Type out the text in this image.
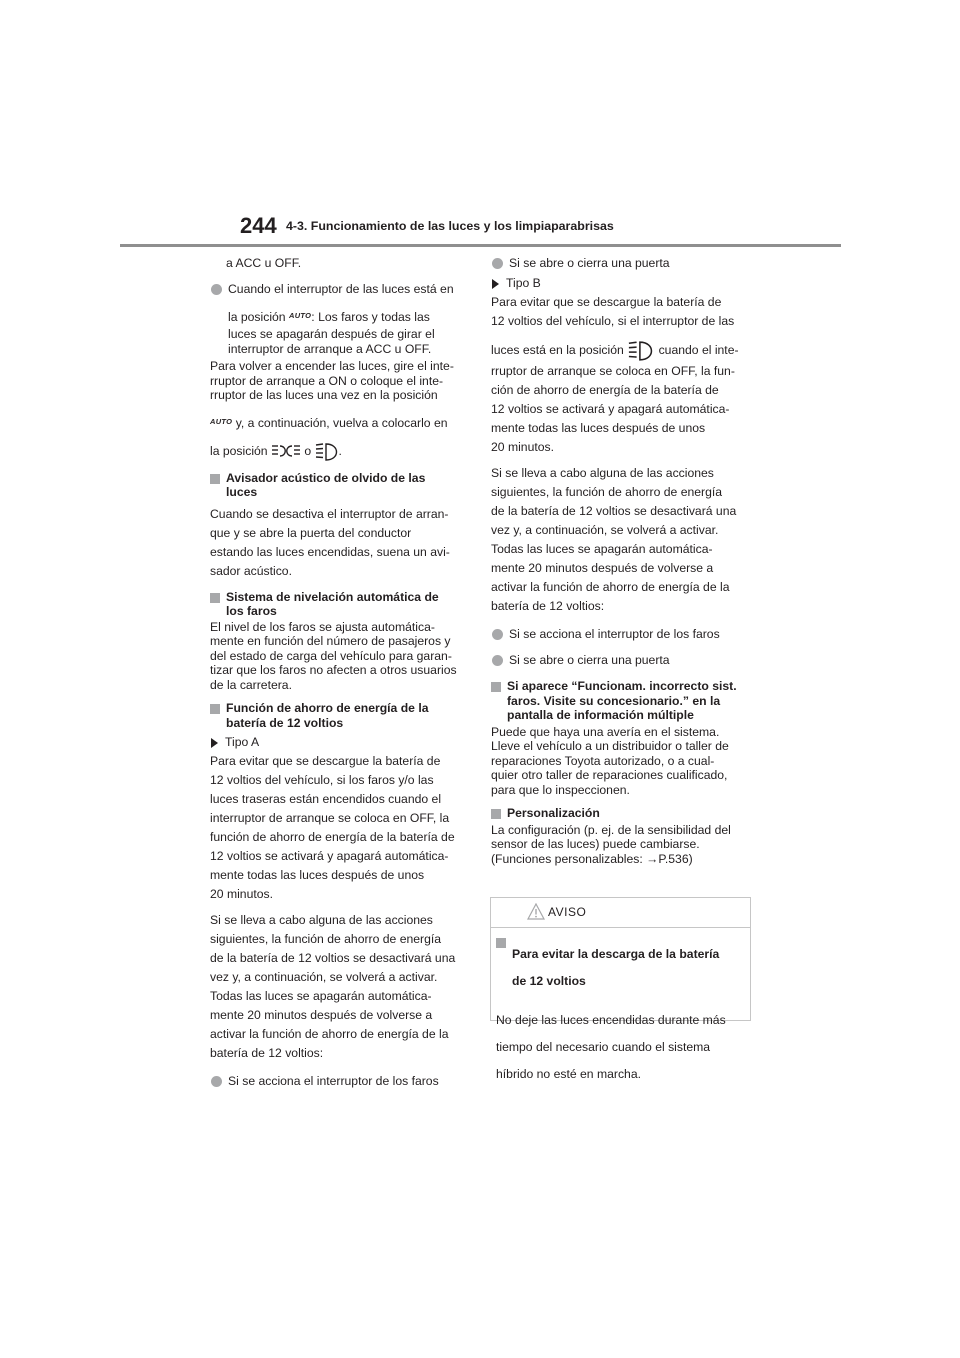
244 4-3. Funcionamiento de las luces y los limpiaparabrisas

a ACC u OFF.

Cuando el interruptor de las luces está en

la posición $^{AUTO}$: Los faros y todas las

luces se apagarán después de girar el

interruptor de arranque a ACC u OFF.

Para volver a encender las luces, gire el inte-

rruptor de arranque a ON o coloque el inte-

rruptor de las luces una vez en la posición

$^{AUTO}$ y, a continuación, vuelva a colocarlo en

la posición  o .

Avisador acústico de olvido de las

luces

Cuando se desactiva el interruptor de arran-

que y se abre la puerta del conductor

estando las luces encendidas, suena un avi-

sador acústico.

Sistema de nivelación automática de

los faros

El nivel de los faros se ajusta automática-

mente en función del número de pasajeros y

del estado de carga del vehículo para garan-

tizar que los faros no afecten a otros usuarios

de la carretera.

Función de ahorro de energía de la

batería de 12 voltios

Tipo A

Para evitar que se descargue la batería de

12 voltios del vehículo, si los faros y/o las

luces traseras están encendidos cuando el

interruptor de arranque se coloca en OFF, la

función de ahorro de energía de la batería de

12 voltios se activará y apagará automática-

mente todas las luces después de unos

20 minutos.

Si se lleva a cabo alguna de las acciones

siguientes, la función de ahorro de energía

de la batería de 12 voltios se desactivará una

vez y, a continuación, se volverá a activar.

Todas las luces se apagarán automática-

mente 20 minutos después de volverse a

activar la función de ahorro de energía de la

batería de 12 voltios:

Si se acciona el interruptor de los faros

Si se abre o cierra una puerta

Tipo B

Para evitar que se descargue la batería de

12 voltios del vehículo, si el interruptor de las

luces está en la posición  cuando el inte-

rruptor de arranque se coloca en OFF, la fun-

ción de ahorro de energía de la batería de

12 voltios se activará y apagará automática-

mente todas las luces después de unos

20 minutos.

Si se lleva a cabo alguna de las acciones

siguientes, la función de ahorro de energía

de la batería de 12 voltios se desactivará una

vez y, a continuación, se volverá a activar.

Todas las luces se apagarán automática-

mente 20 minutos después de volverse a

activar la función de ahorro de energía de la

batería de 12 voltios:

Si se acciona el interruptor de los faros

Si se abre o cierra una puerta

Si aparece “Funcionam. incorrecto sist.

faros. Visite su concesionario.” en la

pantalla de información múltiple

Puede que haya una avería en el sistema.

Lleve el vehículo a un distribuidor o taller de

reparaciones Toyota autorizado, o a cual-

quier otro taller de reparaciones cualificado,

para que lo inspeccionen.

Personalización

La configuración (p. ej. de la sensibilidad del

sensor de las luces) puede cambiarse.

(Funciones personalizables: →P.536)

AVISO

Para evitar la descarga de la batería

de 12 voltios

No deje las luces encendidas durante más

tiempo del necesario cuando el sistema

híbrido no esté en marcha.
